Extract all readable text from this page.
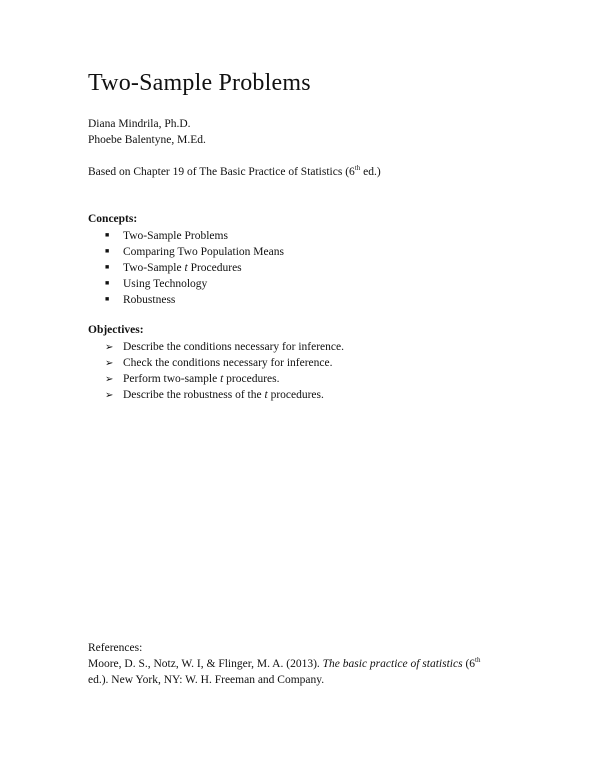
Two-Sample Problems
Diana Mindrila, Ph.D.
Phoebe Balentyne, M.Ed.
Based on Chapter 19 of The Basic Practice of Statistics (6th ed.)
Concepts:
■ Two-Sample Problems
■ Comparing Two Population Means
■ Two-Sample t Procedures
■ Using Technology
■ Robustness
Objectives:
➢ Describe the conditions necessary for inference.
➢ Check the conditions necessary for inference.
➢ Perform two-sample t procedures.
➢ Describe the robustness of the t procedures.
References:
Moore, D. S., Notz, W. I, & Flinger, M. A. (2013). The basic practice of statistics (6th
ed.). New York, NY: W. H. Freeman and Company.
